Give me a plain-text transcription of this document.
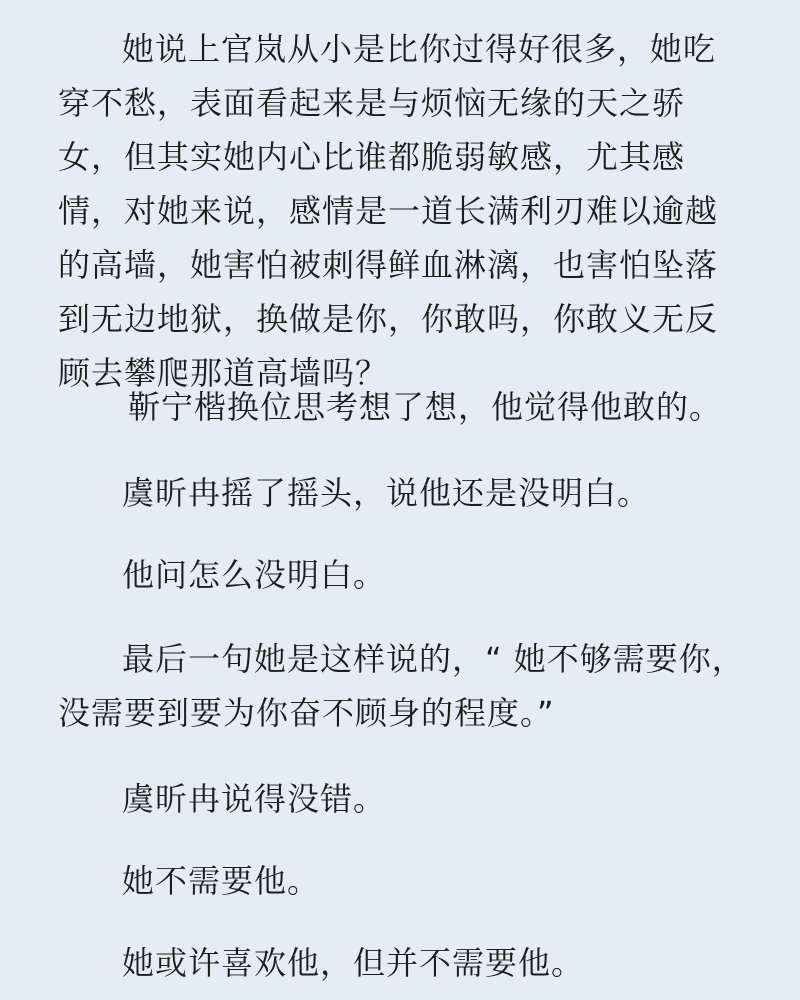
她说上官岚从小是比你过得好很多，她吃穿不愁，表面看起来是与烦恼无缘的天之骄女，但其实她内心比谁都脆弱敏感，尤其感情，对她来说，感情是一道长满利刃难以逾越的高墙，她害怕被刺得鲜血淋漓，也害怕坠落到无边地狱，换做是你，你敢吗，你敢义无反顾去攀爬那道高墙吗？

靳宁楷换位思考想了想，他觉得他敢的。

虞昕冉摇了摇头，说他还是没明白。

他问怎么没明白。

最后一句她是这样说的，“ 她不够需要你，没需要到要为你奋不顾身的程度。”

虞昕冉说得没错。

她不需要他。

她或许喜欢他，但并不需要他。
